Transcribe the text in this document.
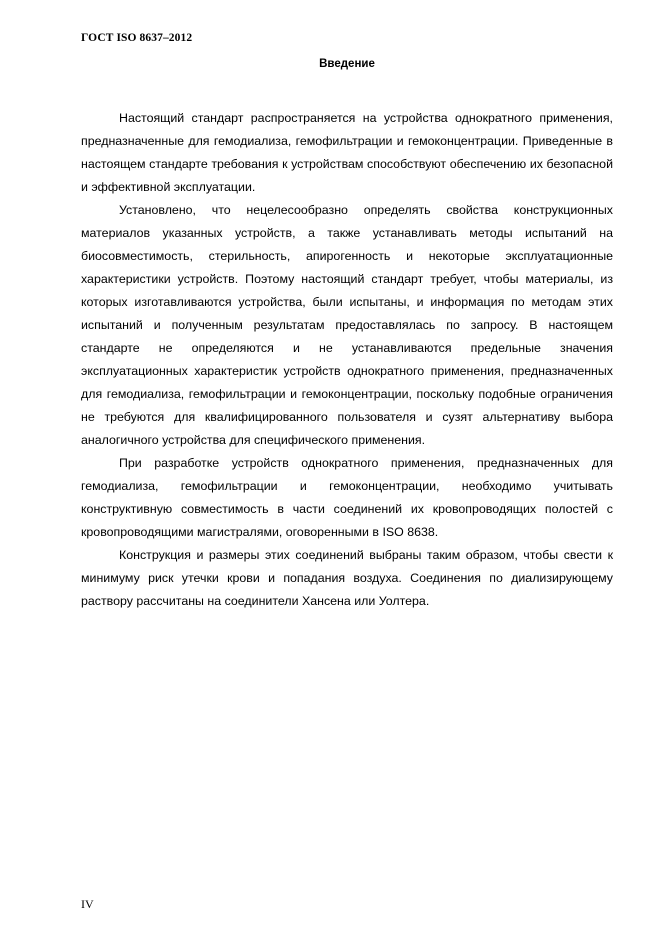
ГОСТ ISO 8637–2012
Введение

Настоящий стандарт распространяется на устройства однократного применения, предназначенные для гемодиализа, гемофильтрации и гемоконцентрации. Приведенные в настоящем стандарте требования к устройствам способствуют обеспечению их безопасной и эффективной эксплуатации.

Установлено, что нецелесообразно определять свойства конструкционных материалов указанных устройств, а также устанавливать методы испытаний на биосовместимость, стерильность, апирогенность и некоторые эксплуатационные характеристики устройств. Поэтому настоящий стандарт требует, чтобы материалы, из которых изготавливаются устройства, были испытаны, и информация по методам этих испытаний и полученным результатам предоставлялась по запросу. В настоящем стандарте не определяются и не устанавливаются предельные значения эксплуатационных характеристик устройств однократного применения, предназначенных для гемодиализа, гемофильтрации и гемоконцентрации, поскольку подобные ограничения не требуются для квалифицированного пользователя и сузят альтернативу выбора аналогичного устройства для специфического применения.

При разработке устройств однократного применения, предназначенных для гемодиализа, гемофильтрации и гемоконцентрации, необходимо учитывать конструктивную совместимость в части соединений их кровопроводящих полостей с кровопроводящими магистралями, оговоренными в ISO 8638.

Конструкция и размеры этих соединений выбраны таким образом, чтобы свести к минимуму риск утечки крови и попадания воздуха. Соединения по диализирующему раствору рассчитаны на соединители Хансена или Уолтера.

IV
